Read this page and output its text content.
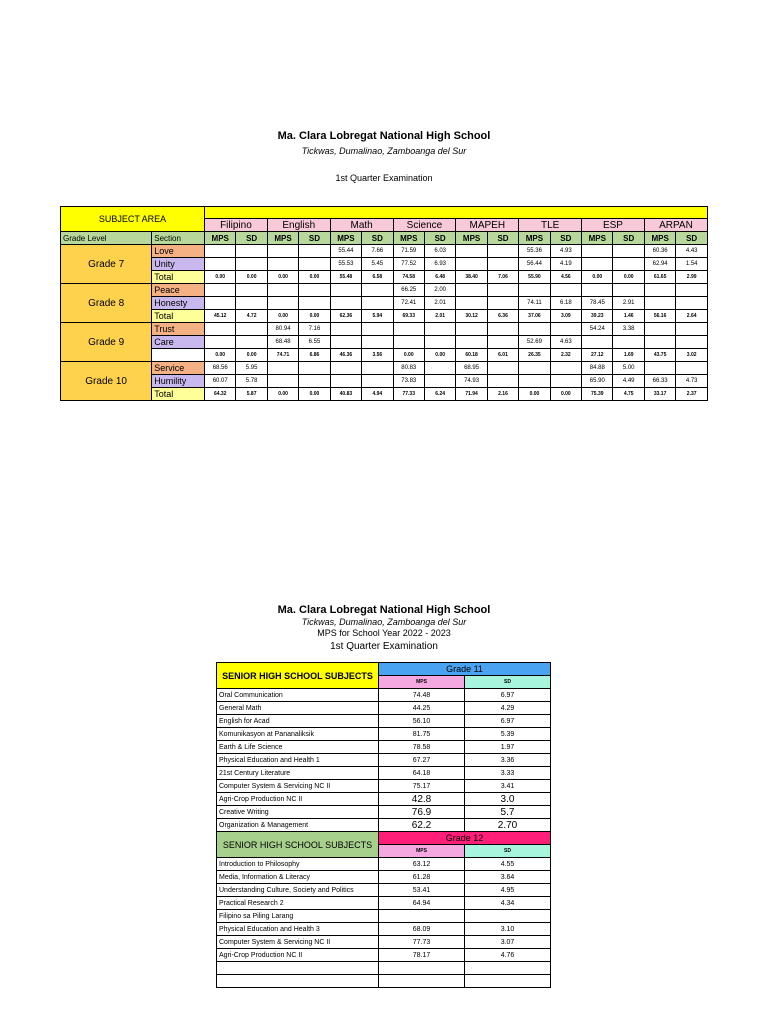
Ma. Clara Lobregat National High School
Tickwas, Dumalinao, Zamboanga del Sur
1st Quarter Examination
SUBJECT AREA																	
		Filipino		English		Math		Science		MAPEH		TLE		ESP		ARPAN	
Grade Level	Section	MPS	SD	MPS	SD	MPS	SD	MPS	SD	MPS	SD	MPS	SD	MPS	SD	MPS	SD
Grade 7	Love					55.44	7.66	71.59	6.03			55.36	4.93			60.36	4.43
	Unity					55.53	5.45	77.52	6.93			56.44	4.19			62.94	1.54
	Total	0.00	0.00	0.00	0.00	55.48	6.58	74.58	6.48	38.40	7.06	55.90	4.56	0.00	0.00	61.65	2.99
Grade 8	Peace							66.25	2.00								
	Honesty							72.41	2.01			74.11	6.18	78.45	2.91		
	Total	45.12	4.72	0.00	0.00	62.36	5.94	69.33	2.01	30.12	6.36	37.06	3.09	39.23	1.46	56.16	2.64
Grade 9	Trust			80.94	7.16									54.24	3.38		
	Care			68.48	6.55							52.69	4.63				
		0.00	0.00	74.71	6.86	46.36	3.56	0.00	0.00	60.18	6.01	26.35	2.32	27.12	1.69	43.75	3.02
Grade 10	Service	68.56	5.95					80.83		68.95				84.88	5.00		
	Humility	60.07	5.78					73.83		74.93				65.90	4.49	66.33	4.73
	Total	64.32	5.87	0.00	0.00	40.83	4.94	77.33	6.24	71.94	2.16	0.00	0.00	75.39	4.75	33.17	2.37
Ma. Clara Lobregat National High School
Tickwas, Dumalinao, Zamboanga del Sur
MPS for School Year 2022 - 2023
1st Quarter Examination
SENIOR HIGH SCHOOL SUBJECTS	Grade 11	
	MPS	SD
Oral Communication	74.48	6.97
General Math	44.25	4.29
English for Acad	56.10	6.97
Komunikasyon at Pananaliksik	81.75	5.39
Earth & Life Science	78.58	1.97
Physical Education and Health 1	67.27	3.36
21st Century Literature	64.18	3.33
Computer System & Servicing NC II	75.17	3.41
Agri-Crop Production NC II	42.8	3.0
Creative Writing	76.9	5.7
Organization & Management	62.2	2.70
SENIOR HIGH SCHOOL SUBJECTS	Grade 12	
	MPS	SD
Introduction to Philosophy	63.12	4.55
Media, Information & Literacy	61.28	3.64
Understanding Culture, Society and Politics	53.41	4.95
Practical Research 2	64.94	4.34
Filipino sa Piling Larang		
Physical Education and Health 3	68.09	3.10
Computer System & Servicing NC II	77.73	3.07
Agri-Crop Production NC II	78.17	4.76
